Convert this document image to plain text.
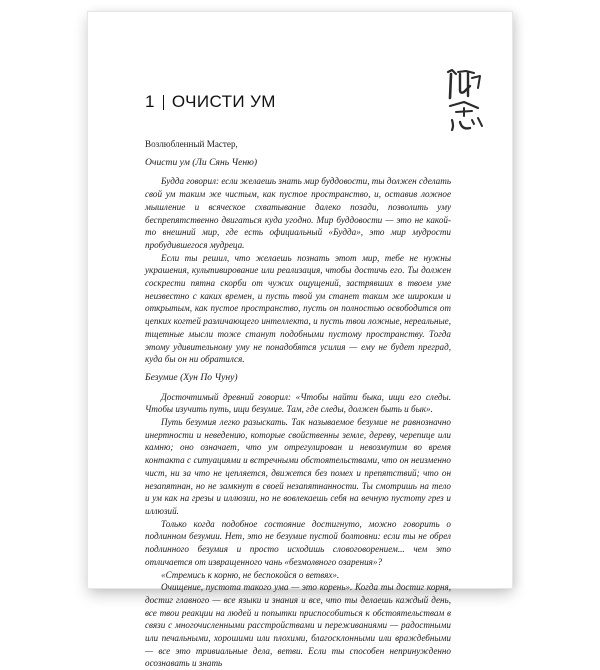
1 ОЧИСТИ УМ

Возлюбленный Мастер,

Очисти ум (Ли Сянь Ченю)

Будда говорил: если желаешь знать мир буддовости, ты должен сделать свой ум таким же чистым, как пустое пространство, и, оставив ложное мышление и всяческое схватывание далеко позади, позволить уму беспрепятственно двигаться куда угодно. Мир буддовости — это не какой-то внешний мир, где есть официальный «Будда», это мир мудрости пробудившегося мудреца.

Если ты решил, что желаешь познать этот мир, тебе не нужны украшения, культивирование или реализация, чтобы достичь его. Ты должен соскрести пятна скорби от чужих ощущений, застрявших в твоем уме неизвестно с каких времен, и пусть твой ум станет таким же широким и открытым, как пустое пространство, пусть он полностью освободится от цепких когтей различающего интеллекта, и пусть твои ложные, нереальные, тщетные мысли тоже станут подобными пустому пространству. Тогда этому удивительному уму не понадобятся усилия — ему не будет преград, куда бы он ни обратился.

Безумие (Хун По Чуну)

Досточтимый древний говорил: «Чтобы найти быка, ищи его следы. Чтобы изучить путь, ищи безумие. Там, где следы, должен быть и бык».

Путь безумия легко разыскать. Так называемое безумие не равнозначно инертности и неведению, которые свойственны земле, дереву, черепице или камню; оно означает, что ум отрегулирован и невозмутим во время контакта с ситуациями и встречными обстоятельствами, что он неизменно чист, ни за что не цепляется, движется без помех и препятствий; что он незапятнан, но не замкнут в своей незапятнанности. Ты смотришь на тело и ум как на грезы и иллюзии, но не вовлекаешь себя на вечную пустоту грез и иллюзий.

Только когда подобное состояние достигнуто, можно говорить о подлинном безумии. Нет, это не безумие пустой болтовни: если ты не обрел подлинного безумия и просто исходишь словоговорением... чем это отличается от извращенного чань «безмолвного озарения»?

«Стремись к корню, не беспокойся о ветвях».

Очищение, пустота такого ума — это корень». Когда ты достиг корня, достиг главного — все языки и знания и все, что ты делаешь каждый день, все твои реакции на людей и попытки приспособиться к обстоятельствам в связи с многочисленными расстройствами и переживаниями — радостными или печальными, хорошими или плохими, благосклонными или враждебными — все это тривиальные дела, ветви. Если ты способен непринужденно осознавать и знать
